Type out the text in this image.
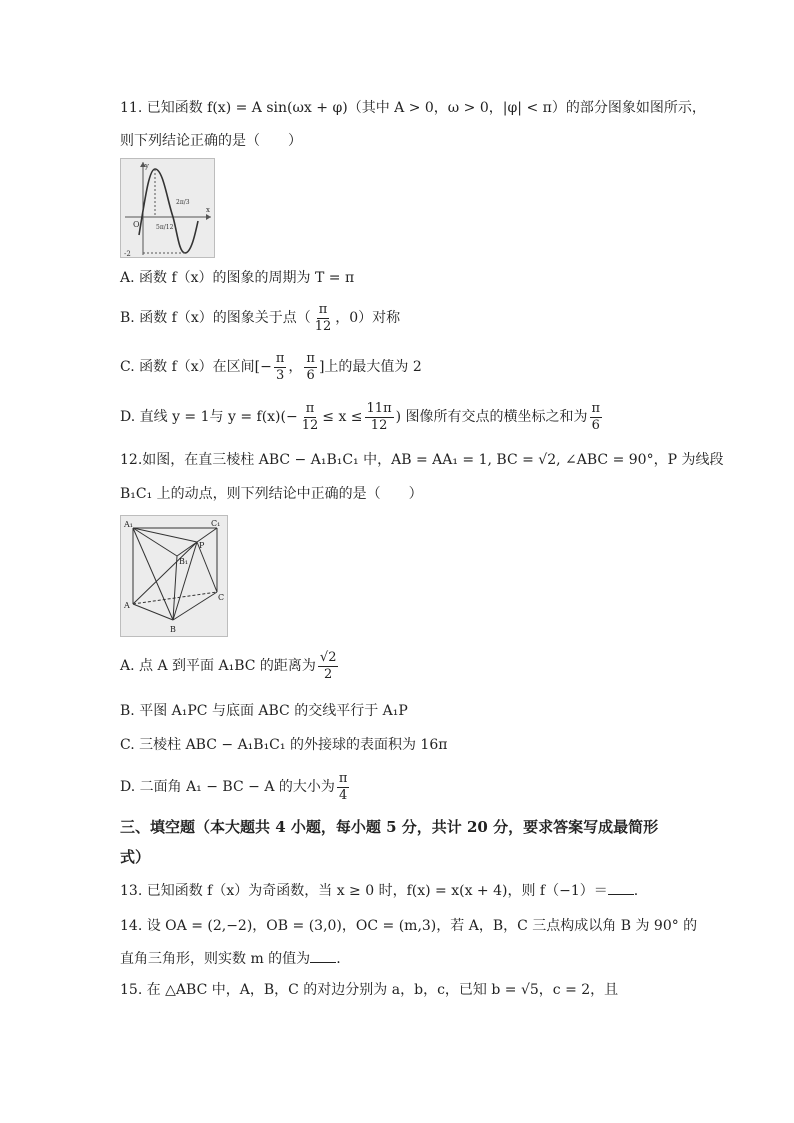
11. 已知函数 f(x) = A sin(ωx + φ)（其中 A > 0，ω > 0，|φ| < π）的部分图象如图所示，
则下列结论正确的是（　　）
y
x
O
-2
5π/12
2π/3
A. 函数 f（x）的图象的周期为 T = π
B. 函数 f（x）的图象关于点（ $\frac{\pi}{12}$ ，0）对称
C. 函数 f（x）在区间[− $\frac{\pi}{3}$ ， $\frac{\pi}{6}$ ]上的最大值为 2
D. 直线 y = 1与 $y = f(x)(- \frac{\pi}{12} \le x \le \frac{11\pi}{12}$ ) 图像所有交点的横坐标之和为 $\frac{\pi}{6}$
12.如图，在直三棱柱 ABC − A₁B₁C₁ 中，AB = AA₁ = 1, BC = √2, ∠ABC = 90°，P 为线段
B₁C₁ 上的动点，则下列结论中正确的是（　　）
A₁	C₁
B₁
P
A
B
C
A. 点 A 到平面 A₁BC 的距离为 $\frac{√2}{2}$
B. 平图 A₁PC 与底面 ABC 的交线平行于 A₁P
C. 三棱柱 ABC − A₁B₁C₁ 的外接球的表面积为 16π
D. 二面角 A₁ − BC − A 的大小为 $\frac{\pi}{4}$
三、填空题（本大题共 4 小题，每小题 5 分，共计 20 分，要求答案写成最简形
式）
13. 已知函数 f（x）为奇函数，当 x ≥ 0 时，f(x) = x(x + 4)，则 f（−1）＝ .
14. 设 OA = (2,−2)，OB = (3,0)，OC = (m,3)，若 A，B，C 三点构成以角 B 为 90° 的
直角三角形，则实数 m 的值为 .
15. 在 △ABC 中，A，B，C 的对边分别为 a，b，c，已知 b = √5，c = 2，且
